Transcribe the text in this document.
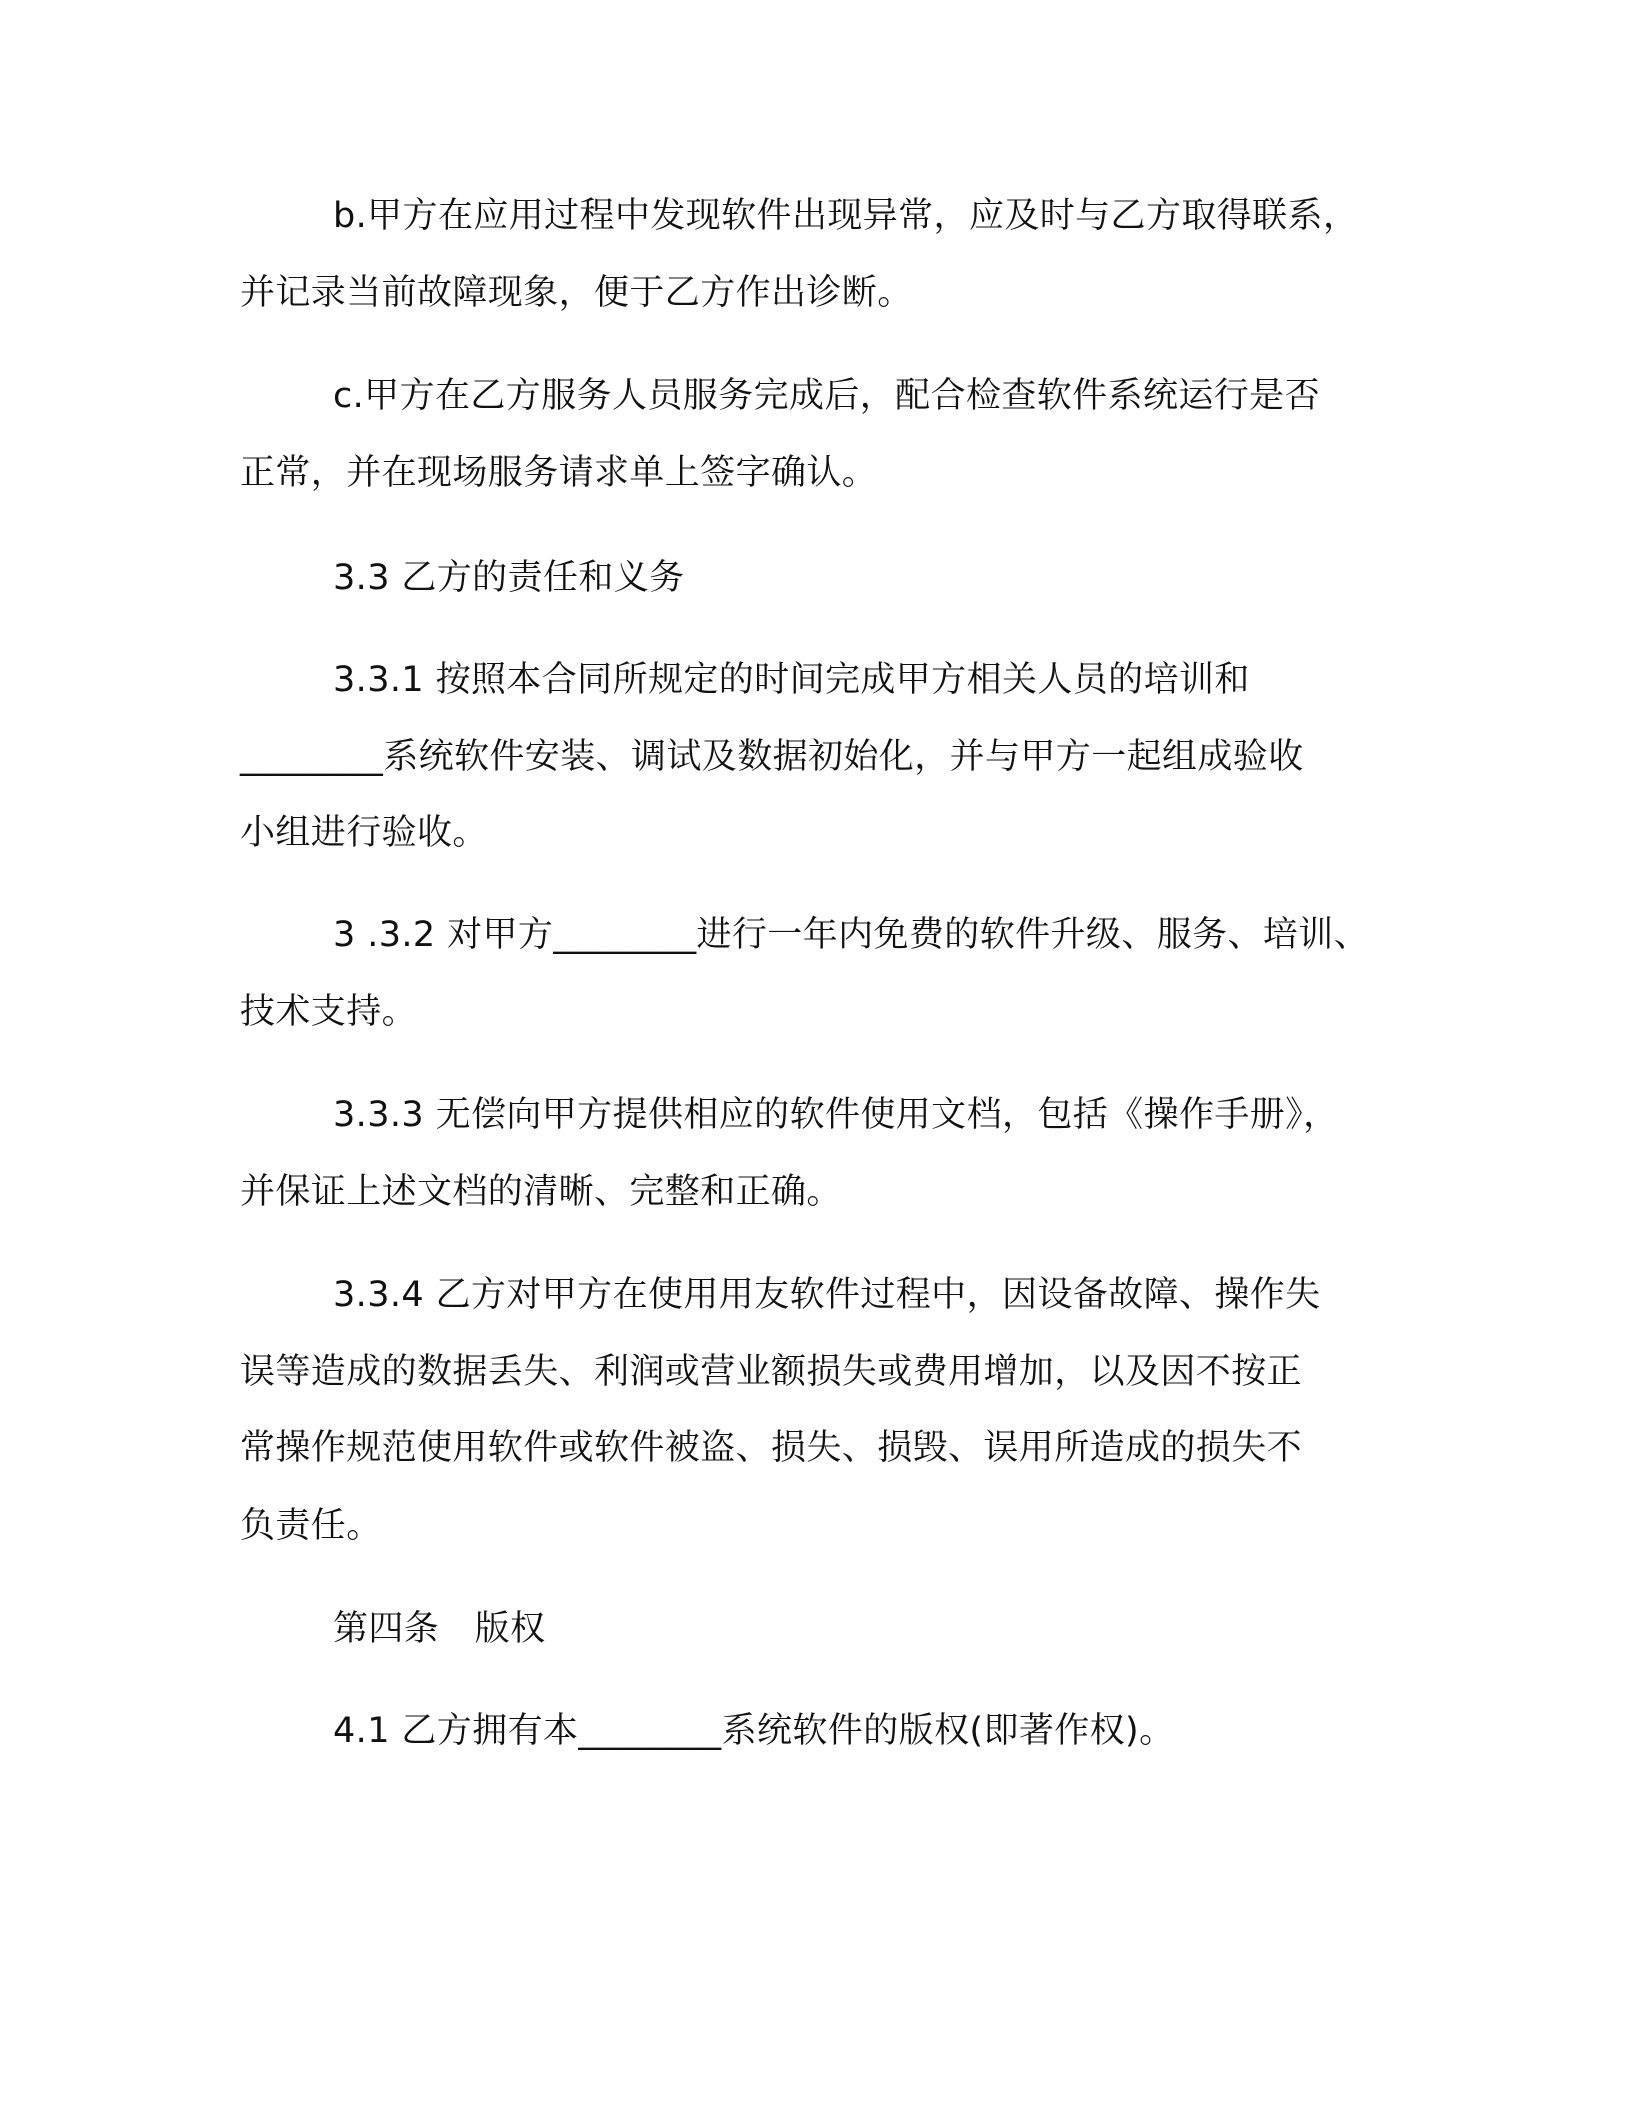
b.甲方在应用过程中发现软件出现异常，应及时与乙方取得联系，
并记录当前故障现象，便于乙方作出诊断。
c.甲方在乙方服务人员服务完成后，配合检查软件系统运行是否
正常，并在现场服务请求单上签字确认。
3.3 乙方的责任和义务
3.3.1 按照本合同所规定的时间完成甲方相关人员的培训和
________系统软件安装、调试及数据初始化，并与甲方一起组成验收
小组进行验收。
3 .3.2 对甲方________进行一年内免费的软件升级、服务、培训、
技术支持。
3.3.3 无偿向甲方提供相应的软件使用文档，包括《操作手册》，
并保证上述文档的清晰、完整和正确。
3.3.4 乙方对甲方在使用用友软件过程中，因设备故障、操作失
误等造成的数据丢失、利润或营业额损失或费用增加，以及因不按正
常操作规范使用软件或软件被盗、损失、损毁、误用所造成的损失不
负责任。
第四条　版权
4.1 乙方拥有本________系统软件的版权(即著作权)。
